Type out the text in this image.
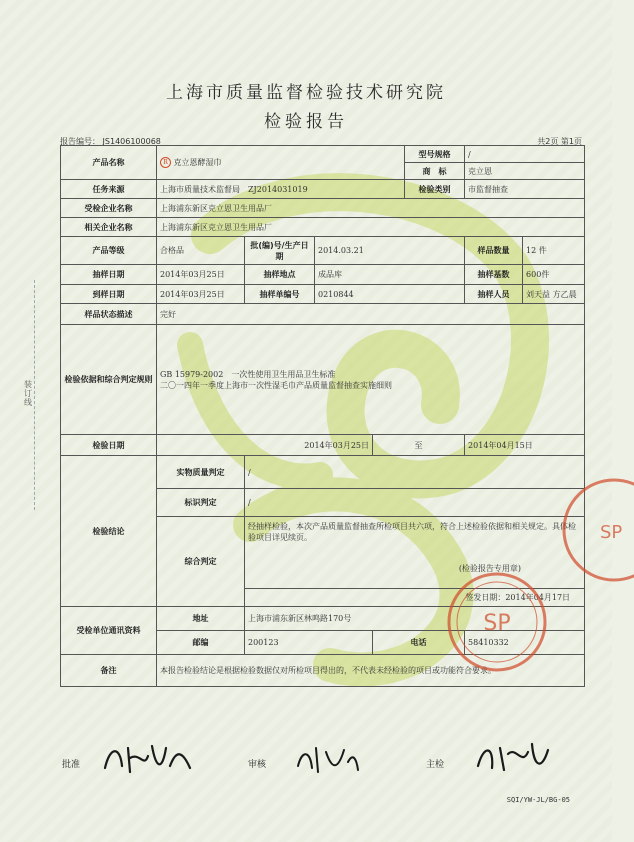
上海市质量监督检验技术研究院
检验报告
报告编号： JS1406100068	共2页 第1页
装订线
产品名称	R 克立恩酵湿巾				型号规格	/	
					商　标	克立恩	
任务来源	上海市质量技术监督局　ZJ2014031019				检验类别	市监督抽查	
受检企业名称	上海浦东新区克立恩卫生用品厂						
相关企业名称	上海浦东新区克立恩卫生用品厂						
产品等级	合格品	批(编)号/生产日期	2014.03.21			样品数量	12 件
抽样日期	2014年03月25日	抽样地点	成品库			抽样基数	600件
到样日期	2014年03月25日	抽样单编号	0210844			抽样人员	刘天益 方乙晨
样品状态描述	完好						
检验依据和综合判定规则	GB 15979-2002　一次性使用卫生用品卫生标准
二〇一四年一季度上海市一次性湿毛巾产品质量监督抽查实施细则						

检验日期	2014年03月25日			至		2014年04月15日	
检验结论	实物质量判定	/					
	标识判定	/					
	综合判定	经抽样检验，本次产品质量监督抽查所检项目共六项，符合上述检验依据和相关规定。具体检验项目详见续页。
(检验报告专用章)					

		签发日期：2014年04月17日					
受检单位通讯资料	地址	上海市浦东新区林鸣路170号					
	邮编	200123		电话		58410332	
备注	本报告检验结论是根据检验数据仅对所检项目得出的，不代表未经检验的项目或功能符合要求。						
SP
SP
批准	审核	主检
SQI/YW-JL/BG-05
